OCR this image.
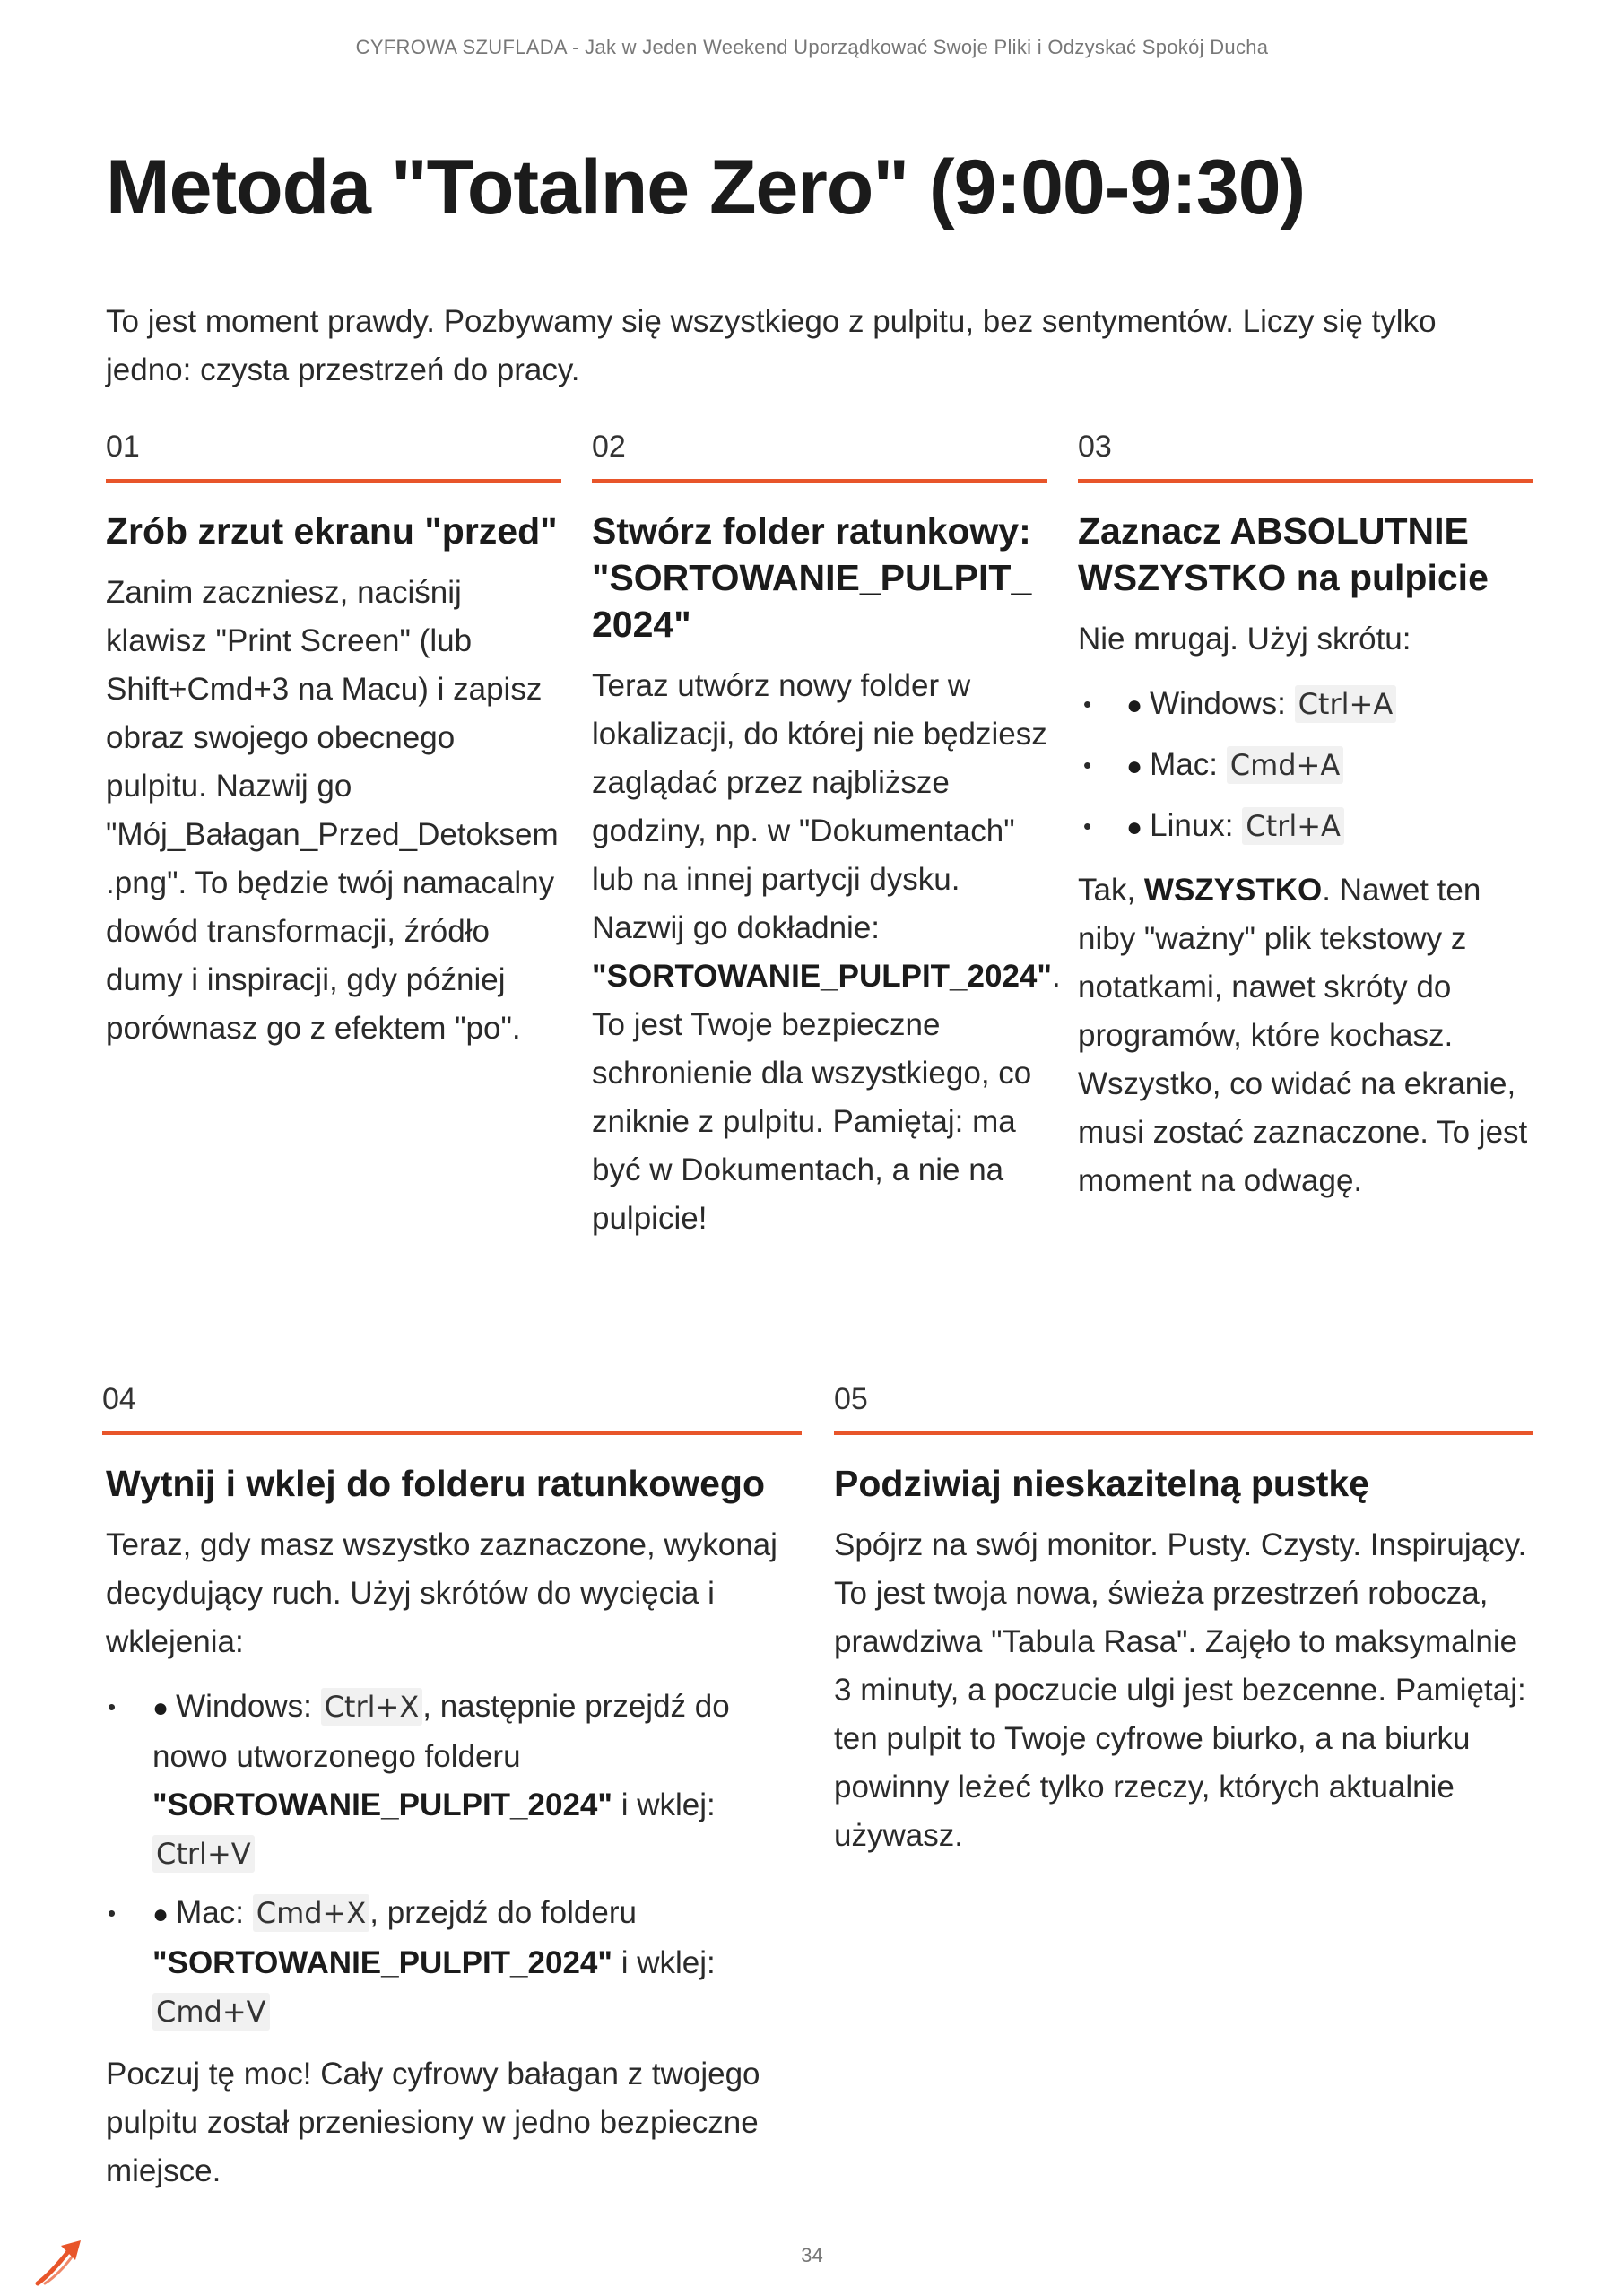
CYFROWA SZUFLADA - Jak w Jeden Weekend Uporządkować Swoje Pliki i Odzyskać Spokój Ducha
Metoda "Totalne Zero" (9:00-9:30)

To jest moment prawdy. Pozbywamy się wszystkiego z pulpitu, bez sentymentów. Liczy się tylko jedno: czysta przestrzeń do pracy.

01
Zrób zrzut ekranu "przed"

Zanim zaczniesz, naciśnij klawisz "Print Screen" (lub Shift+Cmd+3 na Macu) i zapisz obraz swojego obecnego pulpitu. Nazwij go "Mój_Bałagan_Przed_Detoksem .png". To będzie twój namacalny dowód transformacji, źródło dumy i inspiracji, gdy później porównasz go z efektem "po".

02
Stwórz folder ratunkowy: "SORTOWANIE_PULPIT_ 2024"

Teraz utwórz nowy folder w lokalizacji, do której nie będziesz zaglądać przez najbliższe godziny, np. w "Dokumentach" lub na innej partycji dysku. Nazwij go dokładnie: "SORTOWANIE_PULPIT_2024". To jest Twoje bezpieczne schronienie dla wszystkiego, co zniknie z pulpitu. Pamiętaj: ma być w Dokumentach, a nie na pulpicie!

03
Zaznacz ABSOLUTNIE WSZYSTKO na pulpicie

Nie mrugaj. Użyj skrótu:

• ● Windows: Ctrl+A
• ● Mac: Cmd+A
• ● Linux: Ctrl+A

Tak, WSZYSTKO. Nawet ten niby "ważny" plik tekstowy z notatkami, nawet skróty do programów, które kochasz. Wszystko, co widać na ekranie, musi zostać zaznaczone. To jest moment na odwagę.

04
Wytnij i wklej do folderu ratunkowego

Teraz, gdy masz wszystko zaznaczone, wykonaj decydujący ruch. Użyj skrótów do wycięcia i wklejenia:

• ● Windows: Ctrl+X , następnie przejdź do nowo utworzonego folderu "SORTOWANIE_PULPIT_2024" i wklej: Ctrl+V
• ● Mac: Cmd+X , przejdź do folderu "SORTOWANIE_PULPIT_2024" i wklej: Cmd+V

Poczuj tę moc! Cały cyfrowy bałagan z twojego pulpitu został przeniesiony w jedno bezpieczne miejsce.

05
Podziwiaj nieskazitelną pustkę

Spójrz na swój monitor. Pusty. Czysty. Inspirujący. To jest twoja nowa, świeża przestrzeń robocza, prawdziwa "Tabula Rasa". Zajęło to maksymalnie 3 minuty, a poczucie ulgi jest bezcenne. Pamiętaj: ten pulpit to Twoje cyfrowe biurko, a na biurku powinny leżeć tylko rzeczy, których aktualnie używasz.

34
